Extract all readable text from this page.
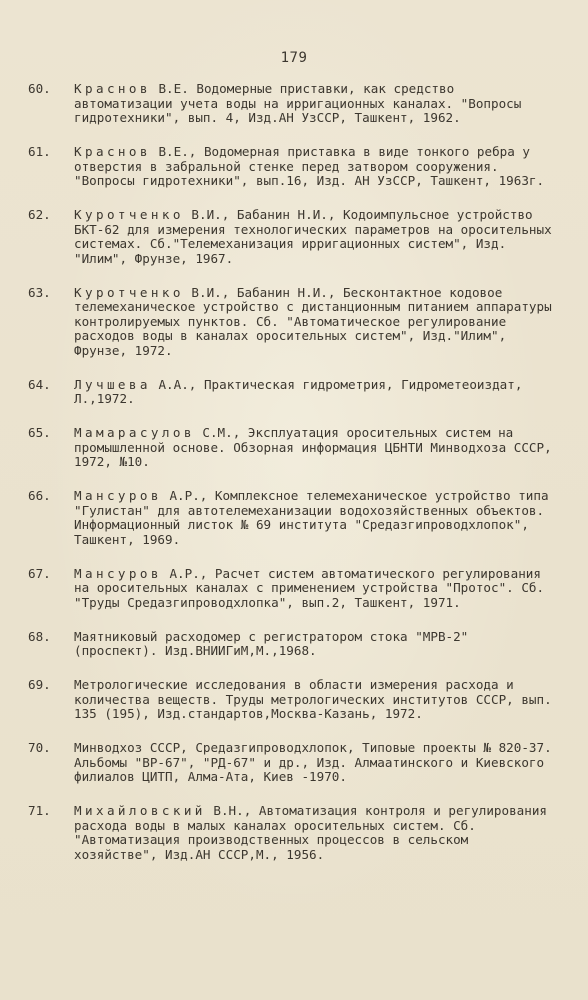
179
60.	Краснов В.Е. Водомерные приставки, как средство автоматизации учета воды на ирригационных каналах. "Вопросы гидротехники", вып. 4, Изд.АН УзССР, Ташкент, 1962.
61.	Краснов В.Е., Водомерная приставка в виде тонкого ребра у отверстия в забральной стенке перед затвором сооружения. "Вопросы гидротехники", вып.16, Изд. АН УзССР, Ташкент, 1963г.
62.	Куротченко В.И., Бабанин Н.И., Кодоимпульсное устройство БКТ-62 для измерения технологических параметров на оросительных системах. Сб."Телемеханизация ирригационных систем", Изд. "Илим", Фрунзе, 1967.
63.	Куротченко В.И., Бабанин Н.И., Бесконтактное кодовое телемеханическое устройство с дистанционным питанием аппаратуры контролируемых пунктов. Сб. "Автоматическое регулирование расходов воды в каналах оросительных систем", Изд."Илим", Фрунзе, 1972.
64.	Лучшева А.А., Практическая гидрометрия, Гидрометеоиздат, Л.,1972.
65.	Мамарасулов С.М., Эксплуатация оросительных систем на промышленной основе. Обзорная информация ЦБНТИ Минводхоза СССР, 1972, №10.
66.	Мансуров А.Р., Комплексное телемеханическое устройство типа "Гулистан" для автотелемеханизации водохозяйственных объектов. Информационный листок № 69 института "Средазгипроводхлопок", Ташкент, 1969.
67.	Мансуров А.Р., Расчет систем автоматического регулирования на оросительных каналах с применением устройства "Протос". Сб. "Труды Средазгипроводхлопка", вып.2, Ташкент, 1971.
68.	Маятниковый расходомер с регистратором стока "МРВ-2" (проспект). Изд.ВНИИГиМ,М.,1968.
69.	Метрологические исследования в области измерения расхода и количества веществ. Труды метрологических институтов СССР, вып. 135 (195), Изд.стандартов,Москва-Казань, 1972.
70.	Минводхоз СССР, Средазгипроводхлопок, Типовые проекты № 820-37. Альбомы "ВР-67", "РД-67" и др., Изд. Алмаатинского и Киевского филиалов ЦИТП, Алма-Ата, Киев -1970.
71.	Михайловский В.Н., Автоматизация контроля и регулирования расхода воды в малых каналах оросительных систем. Сб. "Автоматизация производственных процессов в сельском хозяйстве", Изд.АН СССР,М., 1956.
